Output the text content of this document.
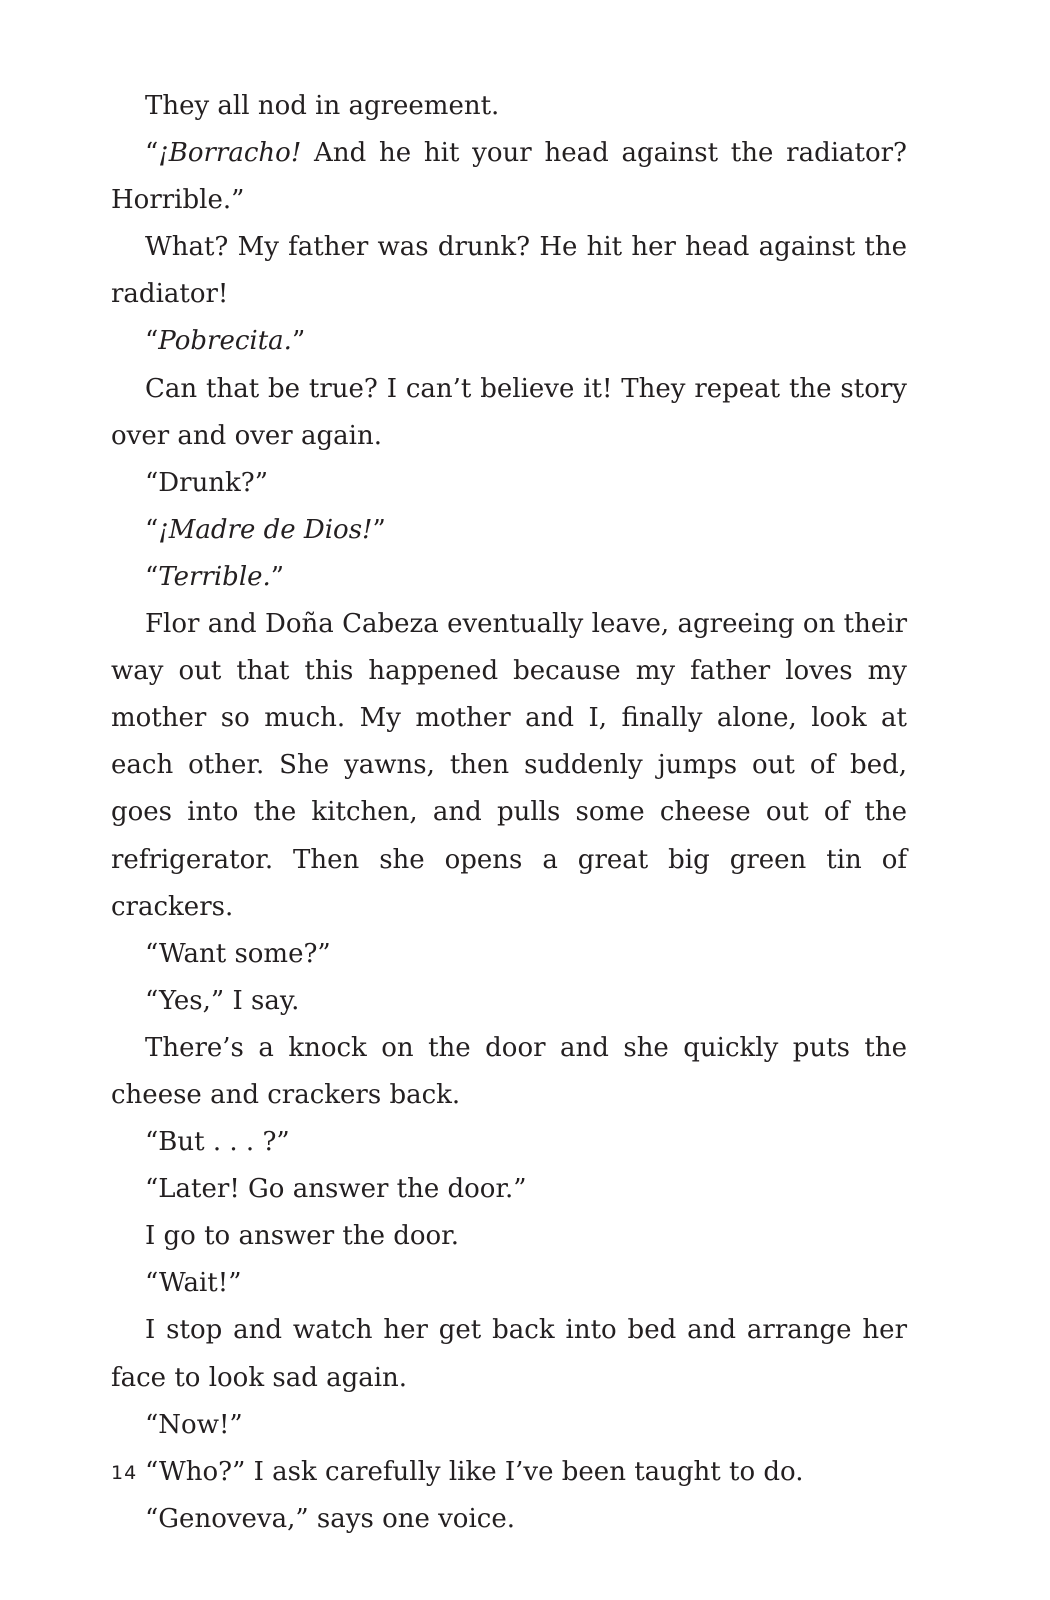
They all nod in agreement.

“¡Borracho! And he hit your head against the radiator? Horrible.”

What? My father was drunk? He hit her head against the radiator!

“Pobrecita.”

Can that be true? I can’t believe it! They repeat the story over and over again.

“Drunk?”

“¡Madre de Dios!”

“Terrible.”

Flor and Doña Cabeza eventually leave, agreeing on their way out that this happened because my father loves my mother so much. My mother and I, finally alone, look at each other. She yawns, then suddenly jumps out of bed, goes into the kitchen, and pulls some cheese out of the refrigerator. Then she opens a great big green tin of crackers.

“Want some?”

“Yes,” I say.

There’s a knock on the door and she quickly puts the cheese and crackers back.

“But . . . ?”

“Later! Go answer the door.”

I go to answer the door.

“Wait!”

I stop and watch her get back into bed and arrange her face to look sad again.

“Now!”

“Who?” I ask carefully like I’ve been taught to do.

“Genoveva,” says one voice.

14
